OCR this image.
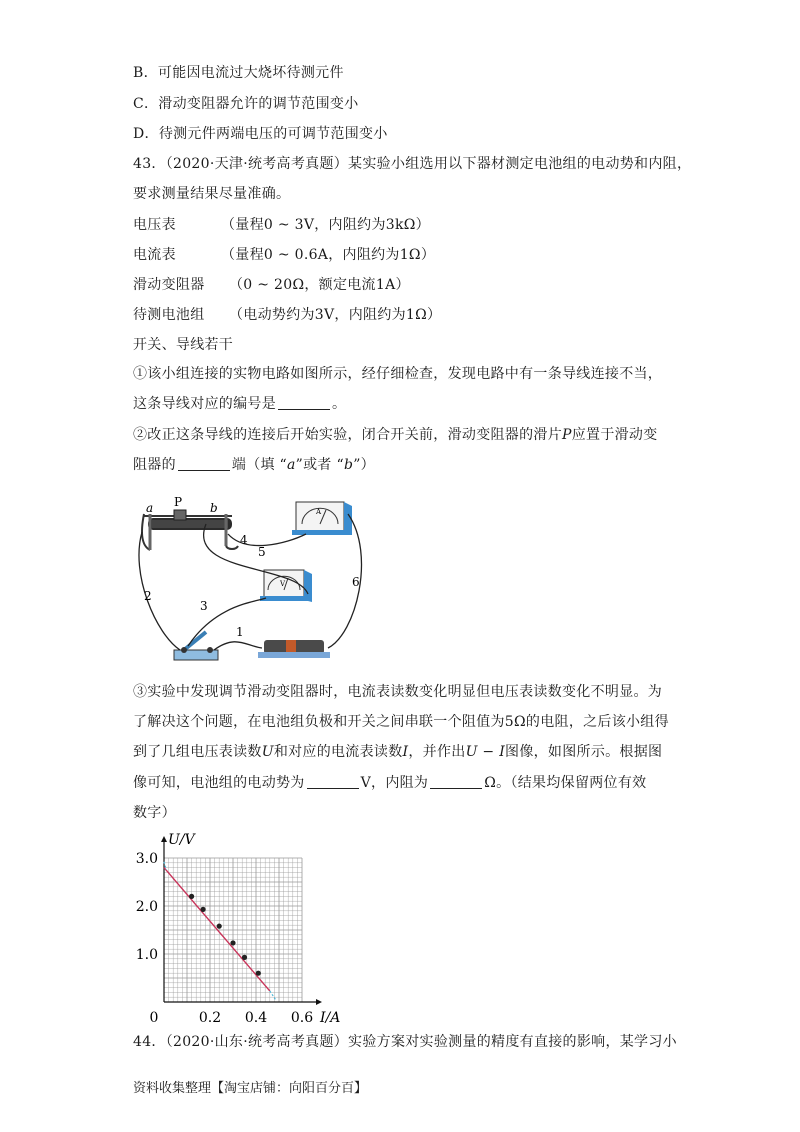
B．可能因电流过大烧坏待测元件
C．滑动变阻器允许的调节范围变小
D．待测元件两端电压的可调节范围变小
43．（2020·天津·统考高考真题）某实验小组选用以下器材测定电池组的电动势和内阻，
要求测量结果尽量准确。
电压表	（量程0 ~ 3V，内阻约为3kΩ）
电流表	（量程0 ~ 0.6A，内阻约为1Ω）
滑动变阻器 （0 ~ 20Ω，额定电流1A）
待测电池组 （电动势约为3V，内阻约为1Ω）
开关、导线若干
①该小组连接的实物电路如图所示，经仔细检查，发现电路中有一条导线连接不当，
这条导线对应的编号是	。
②改正这条导线的连接后开始实验，闭合开关前，滑动变阻器的滑片P应置于滑动变
阻器的	端（填 “a”或者 “b”）
a P b	A
V
4
5
2
3
1
6
③实验中发现调节滑动变阻器时，电流表读数变化明显但电压表读数变化不明显。为
了解决这个问题，在电池组负极和开关之间串联一个阻值为5Ω的电阻，之后该小组得
到了几组电压表读数U和对应的电流表读数I，并作出U − I图像，如图所示。根据图
像可知，电池组的电动势为	V，内阻为	Ω。（结果均保留两位有效
数字）
3.0
2.0
1.0
0.2 0.4 0.6
0
U/V
I/A
44．（2020·山东·统考高考真题）实验方案对实验测量的精度有直接的影响，某学习小
资料收集整理【淘宝店铺：向阳百分百】
